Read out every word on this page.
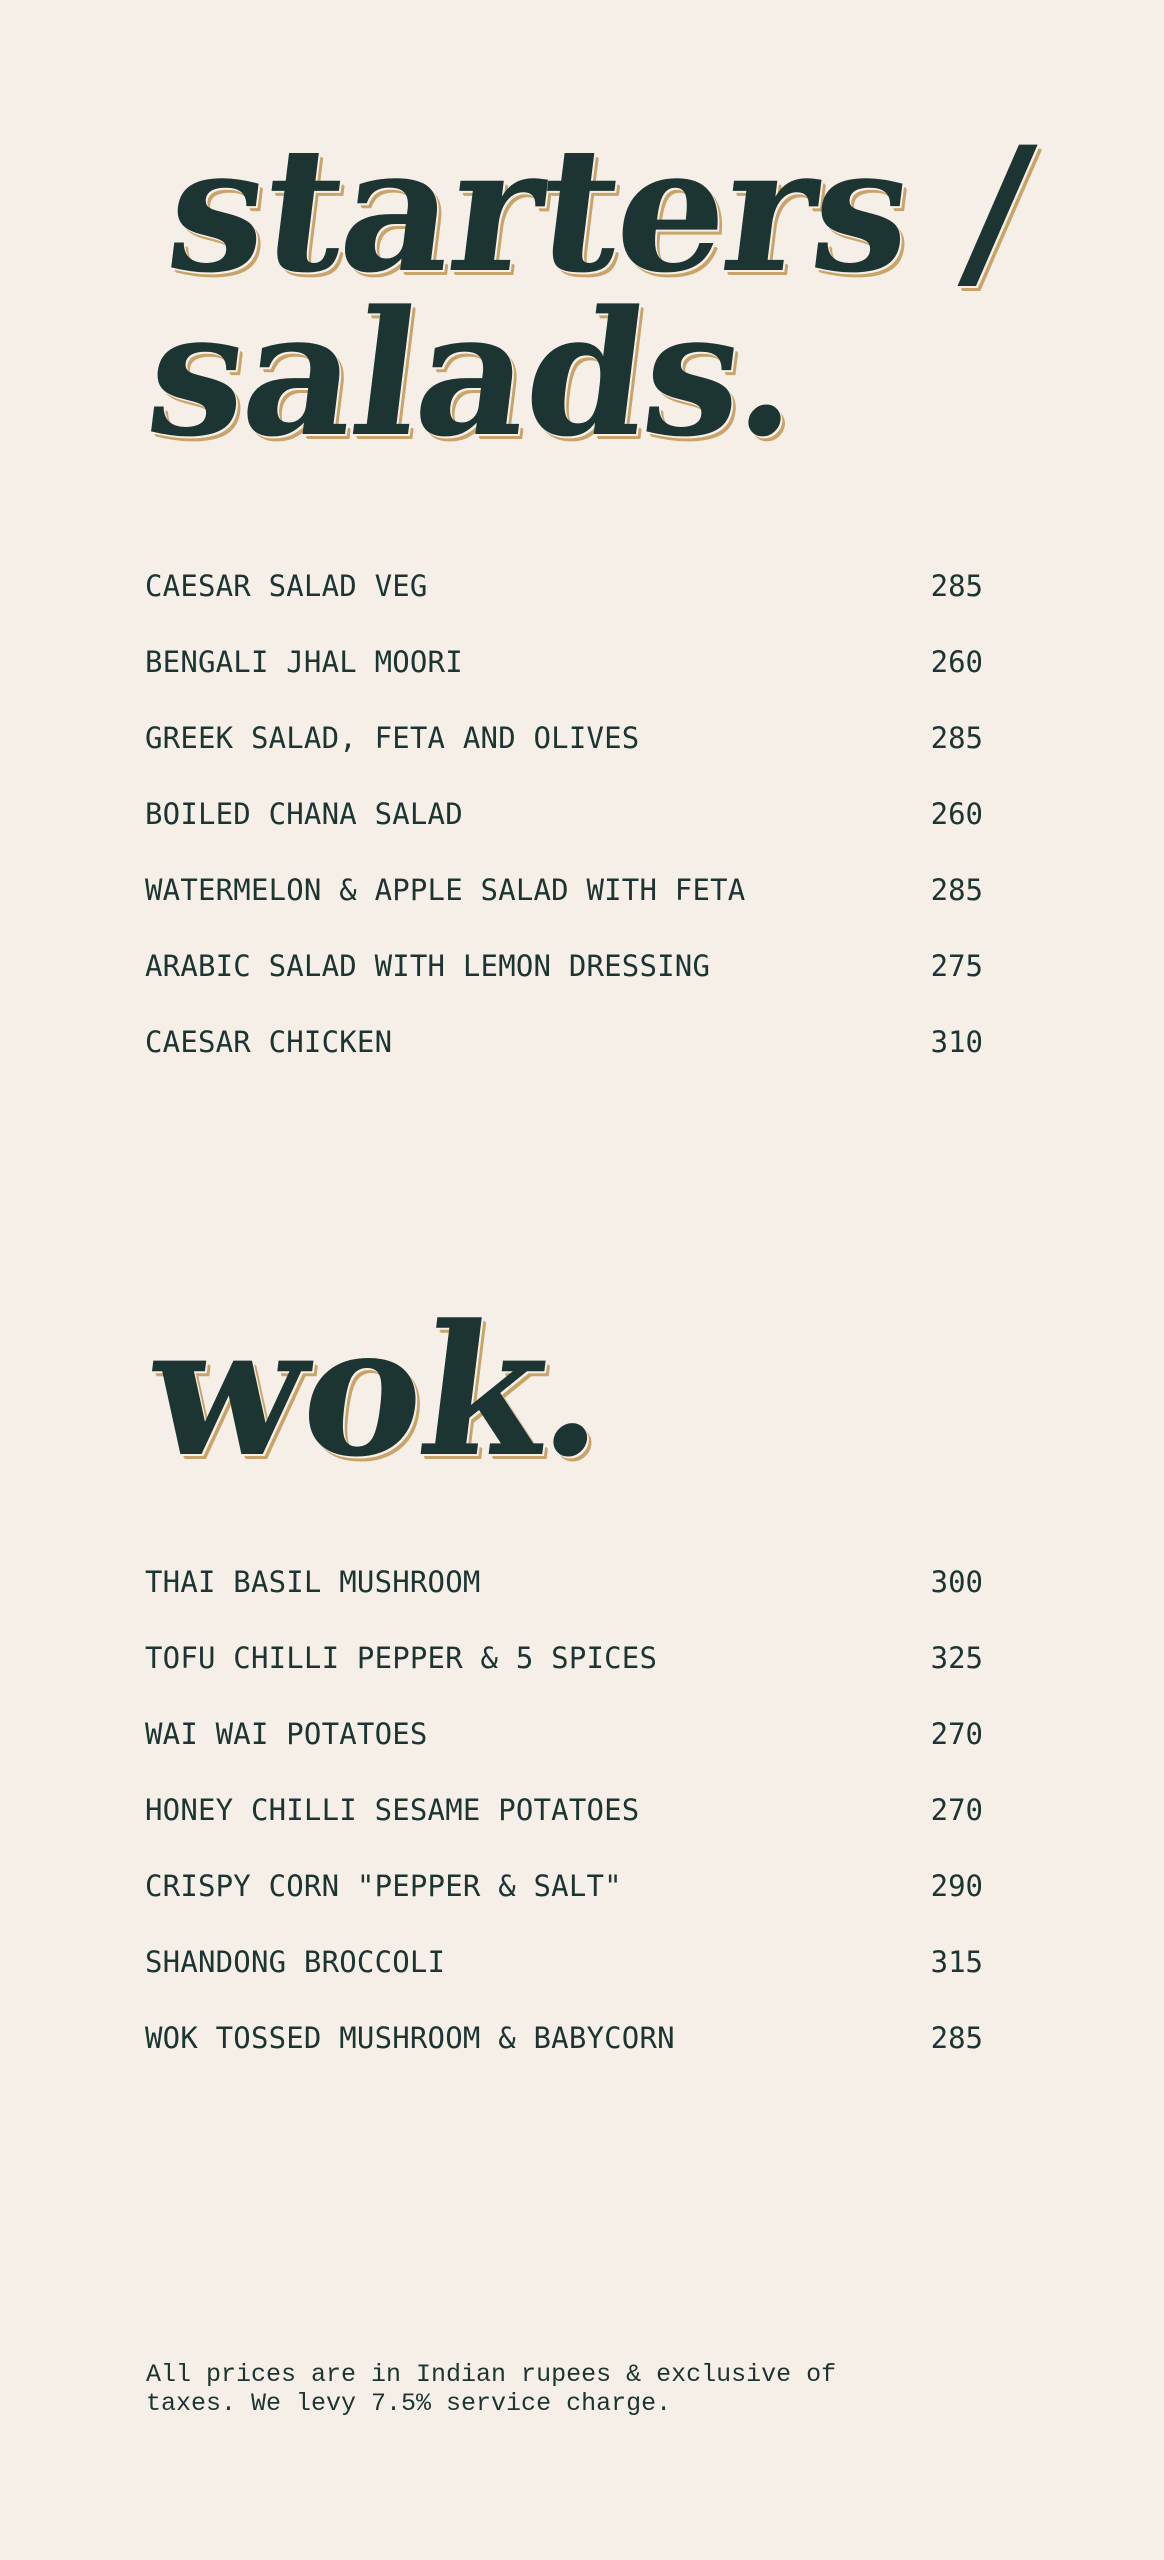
starters /
salads.
CAESAR SALAD VEG	285
BENGALI JHAL MOORI	260
GREEK SALAD, FETA AND OLIVES	285
BOILED CHANA SALAD	260
WATERMELON & APPLE SALAD WITH FETA	285
ARABIC SALAD WITH LEMON DRESSING	275
CAESAR CHICKEN	310
wok.
THAI BASIL MUSHROOM	300
TOFU CHILLI PEPPER & 5 SPICES	325
WAI WAI POTATOES	270
HONEY CHILLI SESAME POTATOES	270
CRISPY CORN "PEPPER & SALT"	290
SHANDONG BROCCOLI	315
WOK TOSSED MUSHROOM & BABYCORN	285

All prices are in Indian rupees & exclusive of
taxes. We levy 7.5% service charge.
